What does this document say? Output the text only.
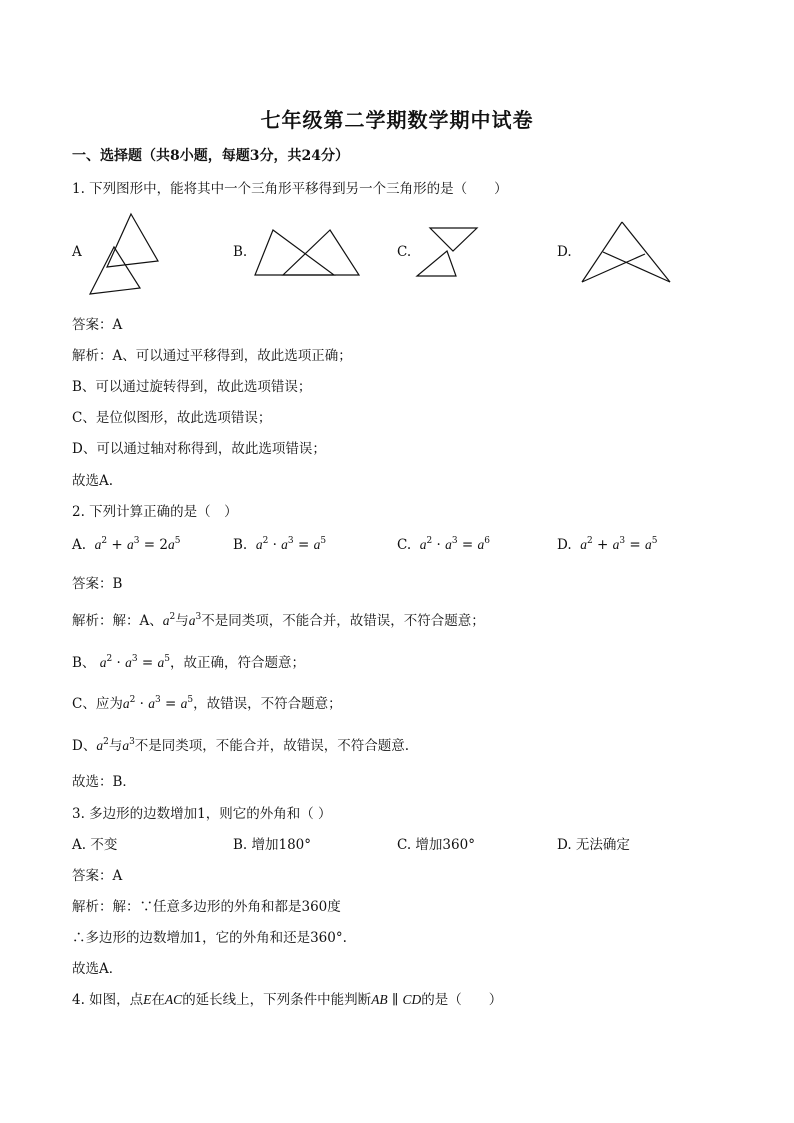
七年级第二学期数学期中试卷
一、选择题（共8小题，每题3分，共24分）
1. 下列图形中，能将其中一个三角形平移得到另一个三角形的是（　　）
A	B.	C.	D.
答案：A
解析：A、可以通过平移得到，故此选项正确；
B、可以通过旋转得到，故此选项错误；
C、是位似图形，故此选项错误；
D、可以通过轴对称得到，故此选项错误；
故选A.
2. 下列计算正确的是（　）
A. $a^2 + a^3 = 2a^5$	B. $a^2 \cdot a^3 = a^5$	C. $a^2 \cdot a^3 = a^6$	D. $a^2 + a^3 = a^5$
答案：B
解析：解：A、$a^2$与$a^3$不是同类项，不能合并，故错误，不符合题意；
B、 $a^2 \cdot a^3 = a^5$，故正确，符合题意；
C、应为$a^2 \cdot a^3 = a^5$，故错误，不符合题意；
D、$a^2$与$a^3$不是同类项，不能合并，故错误，不符合题意.
故选：B．
3. 多边形的边数增加1，则它的外角和（ ）
A. 不变	B. 增加180°	C. 增加360°	D. 无法确定
答案：A
解析：解：∵任意多边形的外角和都是360度
∴多边形的边数增加1，它的外角和还是360°.
故选A．
4. 如图，点E在AC的延长线上，下列条件中能判断AB ∥ CD的是（　　）
